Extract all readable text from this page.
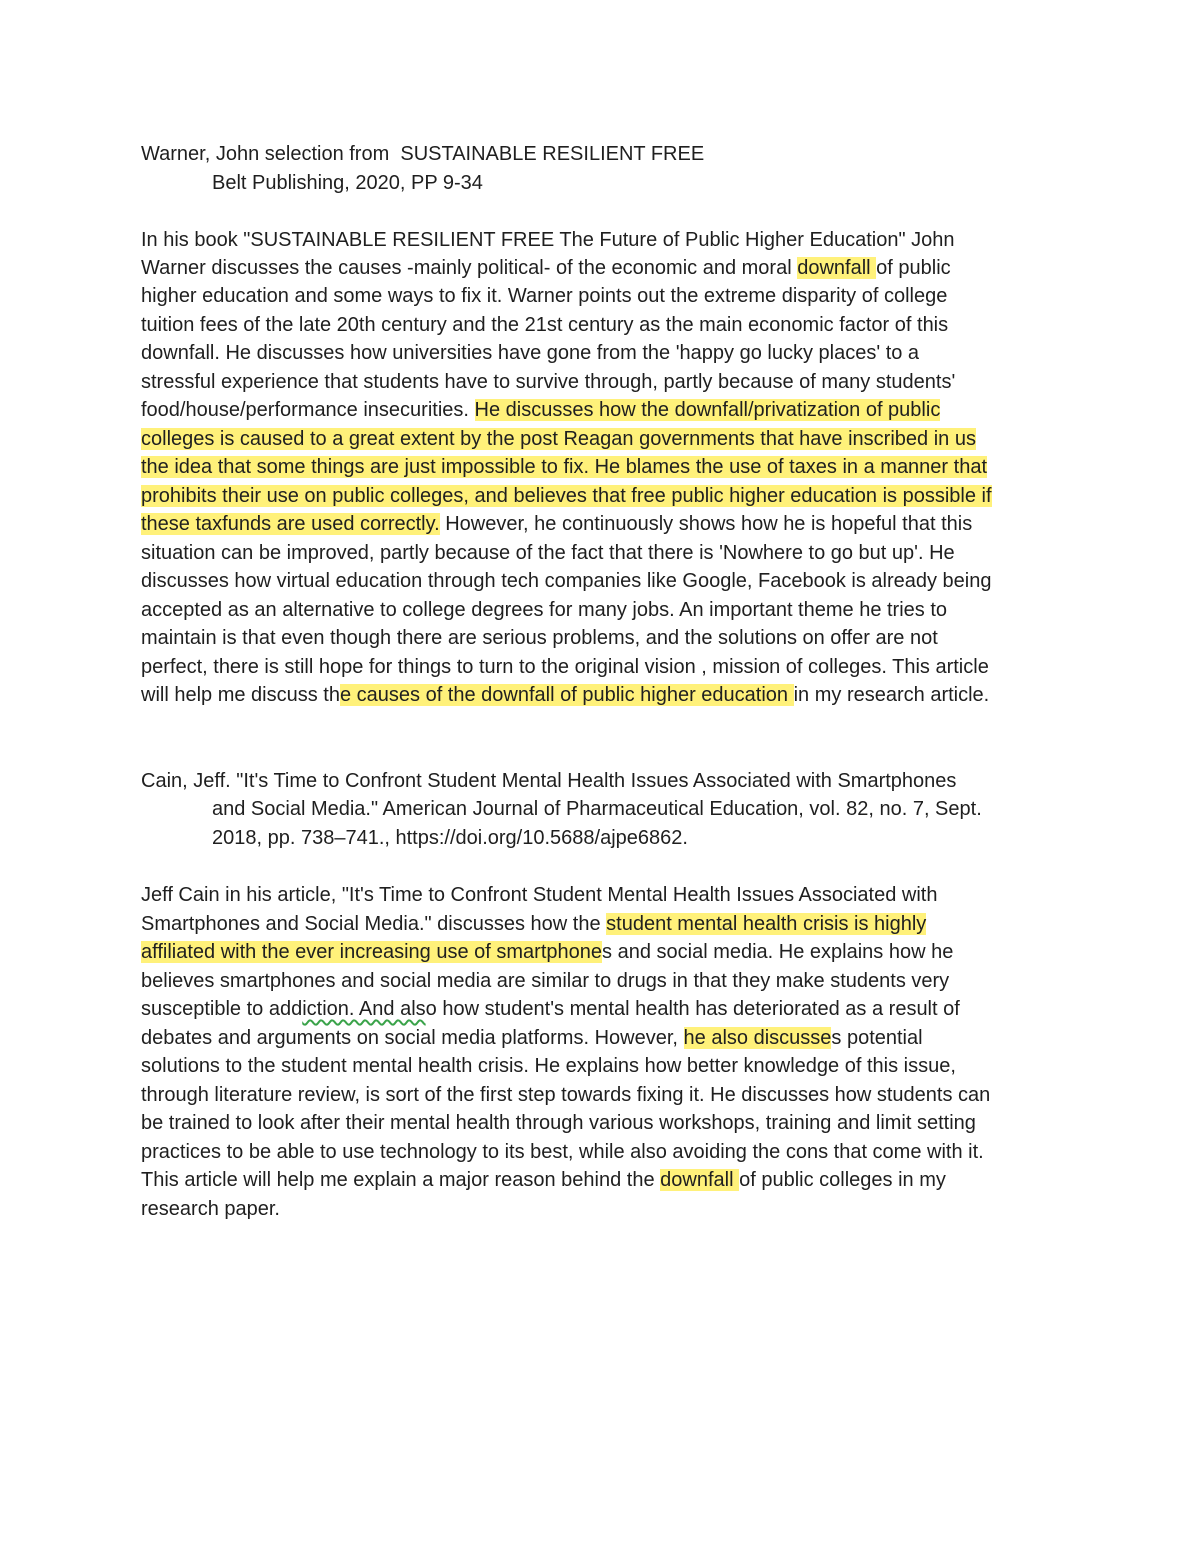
Warner, John selection from  SUSTAINABLE RESILIENT FREE
Belt Publishing, 2020, PP 9-34
In his book "SUSTAINABLE RESILIENT FREE The Future of Public Higher Education" John
Warner discusses the causes -mainly political- of the economic and moral downfall of public
higher education and some ways to fix it. Warner points out the extreme disparity of college
tuition fees of the late 20th century and the 21st century as the main economic factor of this
downfall. He discusses how universities have gone from the 'happy go lucky places' to a
stressful experience that students have to survive through, partly because of many students'
food/house/performance insecurities. He discusses how the downfall/privatization of public
colleges is caused to a great extent by the post Reagan governments that have inscribed in us
the idea that some things are just impossible to fix. He blames the use of taxes in a manner that
prohibits their use on public colleges, and believes that free public higher education is possible if
these taxfunds are used correctly. However, he continuously shows how he is hopeful that this
situation can be improved, partly because of the fact that there is 'Nowhere to go but up'. He
discusses how virtual education through tech companies like Google, Facebook is already being
accepted as an alternative to college degrees for many jobs. An important theme he tries to
maintain is that even though there are serious problems, and the solutions on offer are not
perfect, there is still hope for things to turn to the original vision , mission of colleges. This article
will help me discuss the causes of the downfall of public higher education in my research article.
Cain, Jeff. "It's Time to Confront Student Mental Health Issues Associated with Smartphones
and Social Media." American Journal of Pharmaceutical Education, vol. 82, no. 7, Sept.
2018, pp. 738–741., https://doi.org/10.5688/ajpe6862.
Jeff Cain in his article, "It's Time to Confront Student Mental Health Issues Associated with
Smartphones and Social Media." discusses how the student mental health crisis is highly
affiliated with the ever increasing use of smartphones and social media. He explains how he
believes smartphones and social media are similar to drugs in that they make students very
susceptible to addiction. And also how student's mental health has deteriorated as a result of
debates and arguments on social media platforms. However, he also discusses potential
solutions to the student mental health crisis. He explains how better knowledge of this issue,
through literature review, is sort of the first step towards fixing it. He discusses how students can
be trained to look after their mental health through various workshops, training and limit setting
practices to be able to use technology to its best, while also avoiding the cons that come with it.
This article will help me explain a major reason behind the downfall of public colleges in my
research paper.
